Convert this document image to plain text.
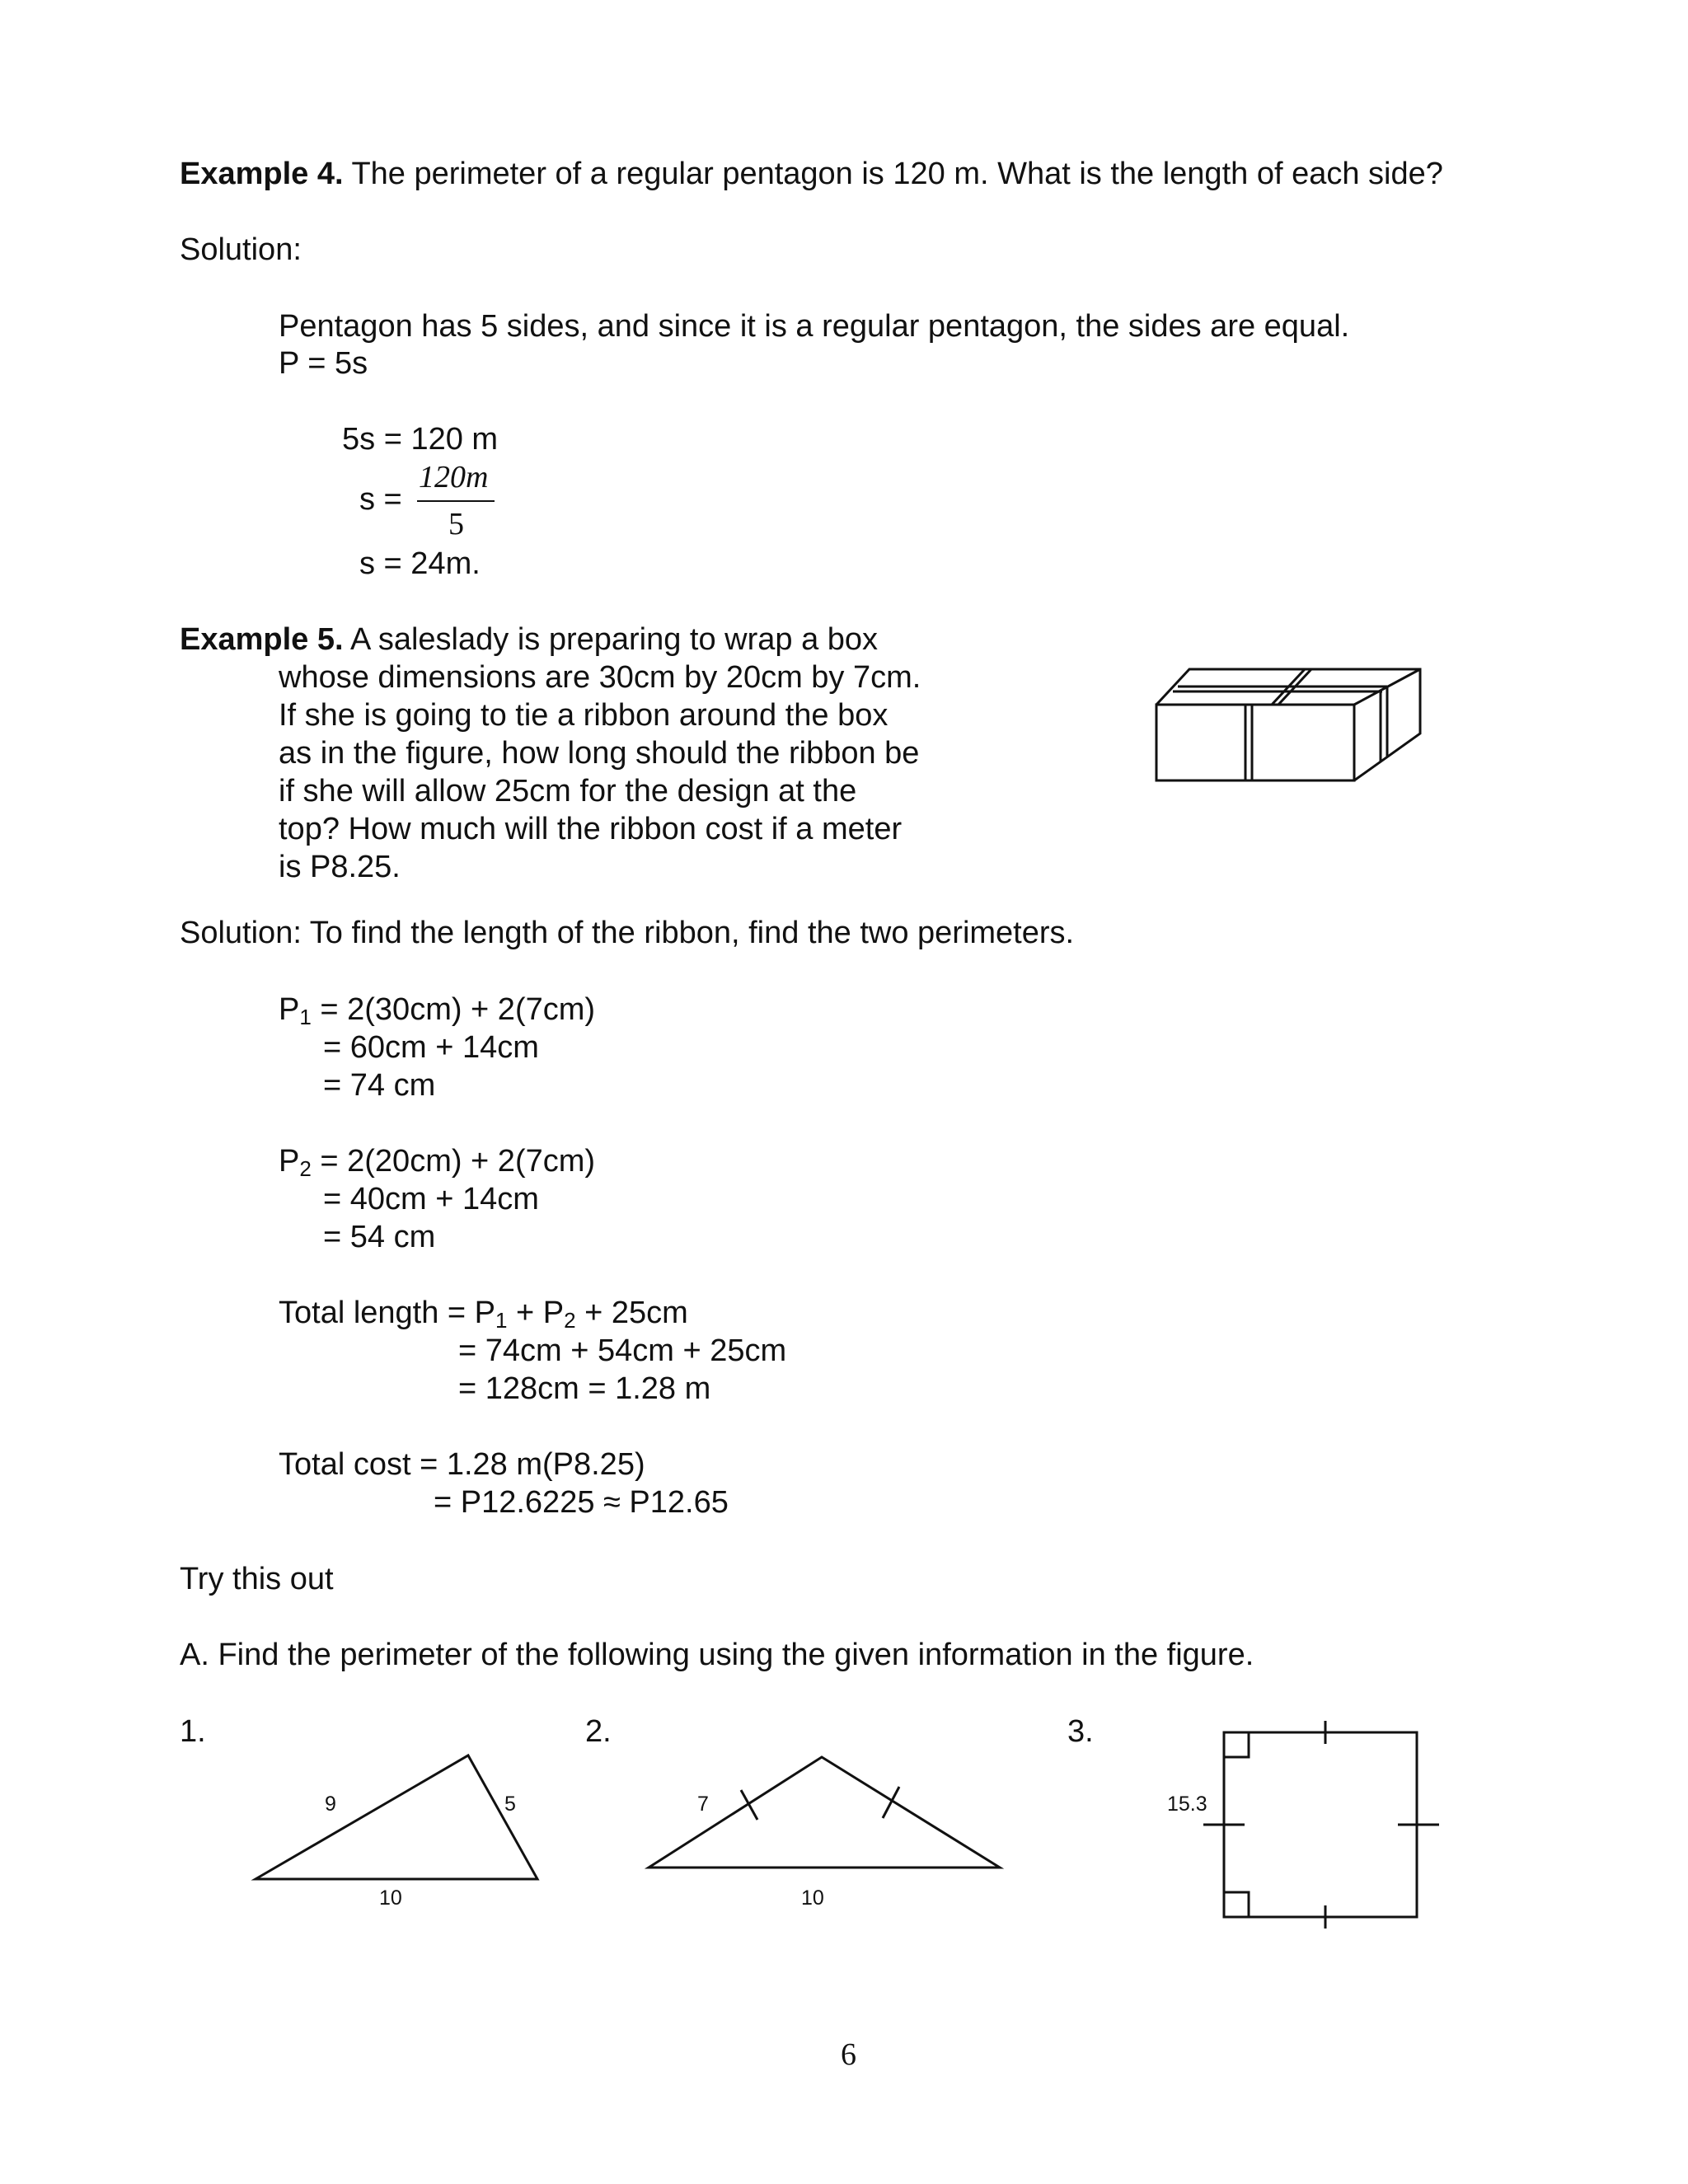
Example 4. The perimeter of a regular pentagon is 120 m. What is the length of each side?
Solution:
Pentagon has 5 sides, and since it is a regular pentagon, the sides are equal.
P = 5s
5s = 120 m
s =
120m
5
s = 24m.
Example 5. A saleslady is preparing to wrap a box
whose dimensions are 30cm by 20cm by 7cm.
If she is going to tie a ribbon around the box
as in the figure, how long should the ribbon be
if she will allow 25cm for the design at the
top? How much will the ribbon cost if a meter
is P8.25.
Solution: To find the length of the ribbon, find the two perimeters.
$P_1 = 2(30cm) + 2(7cm)$
= 60cm + 14cm
= 74 cm
$P_2 = 2(20cm) + 2(7cm)$
= 40cm + 14cm
= 54 cm
Total length = $P_1 + P_2 + 25cm$
= 74cm + 54cm + 25cm
= 128cm = 1.28 m
Total cost = 1.28 m(P8.25)
= P12.6225 ≈ P12.65
Try this out
A. Find the perimeter of the following using the given information in the figure.
1.	2.	3.
9	5
10
7
10
15.3
6
